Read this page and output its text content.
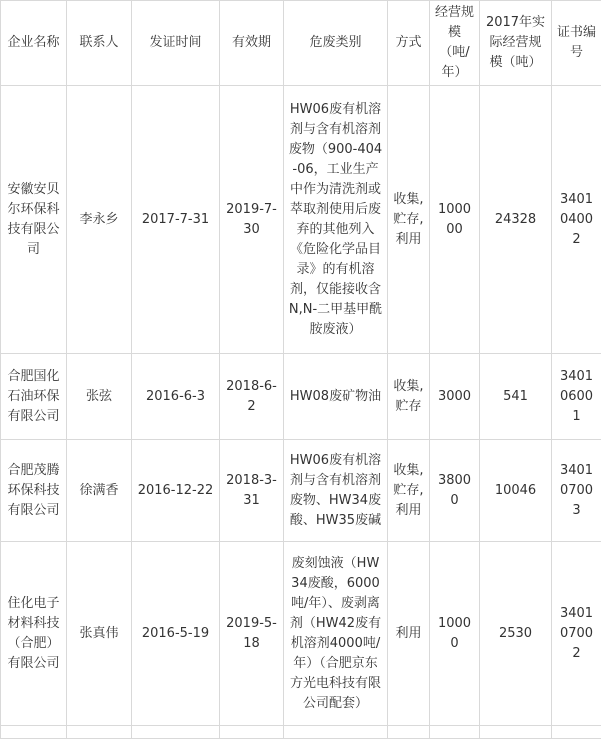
企业名称	联系人	发证时间	有效期	危废类别	方式	经营规模（吨/年）	2017年实际经营规模（吨）	证书编号
安徽安贝尔环保科技有限公司	李永乡	2017-7-31	2019-7-30	HW06废有机溶剂与含有机溶剂废物（900-404-06，工业生产中作为清洗剂或萃取剂使用后废弃的其他列入《危险化学品目录》的有机溶剂，仅能接收含N,N-二甲基甲酰胺废液）	收集,贮存,利用	100000	24328	340104002
合肥国化石油环保有限公司	张弦	2016-6-3	2018-6-2	HW08废矿物油	收集,贮存	3000	541	340106001
合肥茂腾环保科技有限公司	徐满香	2016-12-22	2018-3-31	HW06废有机溶剂与含有机溶剂废物、HW34废酸、HW35废碱	收集,贮存,利用	38000	10046	340107003
住化电子材料科技（合肥）有限公司	张真伟	2016-5-19	2019-5-18	废刻蚀液（HW34废酸，6000吨/年）、废剥离剂（HW42废有机溶剂4000吨/年）（合肥京东方光电科技有限公司配套）	利用	10000	2530	340107002
